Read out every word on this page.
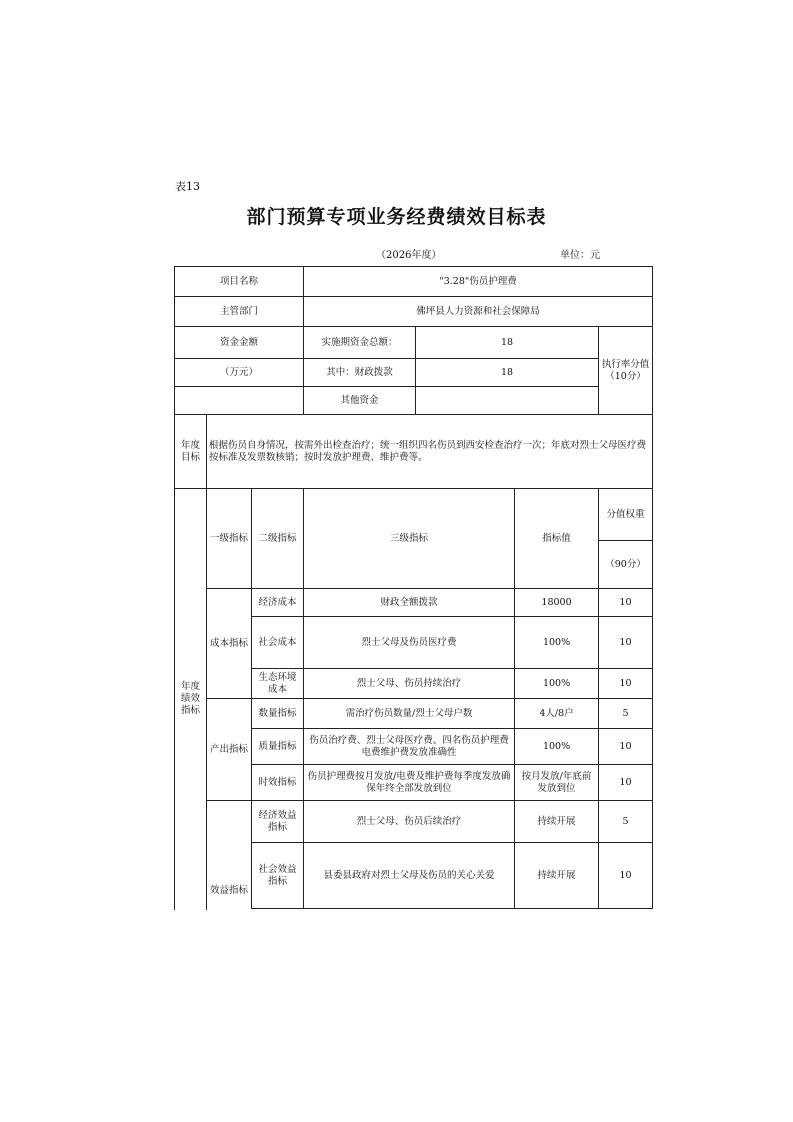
表13
部门预算专项业务经费绩效目标表
（2026年度）	单位：元
项目名称			"3.28"伤员护理费			
主管部门			佛坪县人力资源和社会保障局			
资金金额			实施期资金总额：	18		执行率分值（10分）
（万元）			其中：财政拨款	18		
			其他资金			
年度目标	根据伤员自身情况，按需外出检查治疗；统一组织四名伤员到西安检查治疗一次；年底对烈士父母医疗费按标准及发票数核销；按时发放护理费、维护费等。					
年度绩效指标	一级指标	二级指标	三级指标		指标值	分值权重
						（90分）
	成本指标	经济成本	财政全额拨款		18000	10
		社会成本	烈士父母及伤员医疗费		100%	10
		生态环境成本	烈士父母、伤员持续治疗		100%	10
	产出指标	数量指标	需治疗伤员数量/烈士父母户数		4人/8户	5
		质量指标	伤员治疗费、烈士父母医疗费、四名伤员护理费电费维护费发放准确性		100%	10
		时效指标	伤员护理费按月发放/电费及维护费每季度发放确保年终全部发放到位		按月发放/年底前发放到位	10
	效益指标	经济效益指标	烈士父母、伤员后续治疗		持续开展	5
		社会效益指标	县委县政府对烈士父母及伤员的关心关爱		持续开展	10
